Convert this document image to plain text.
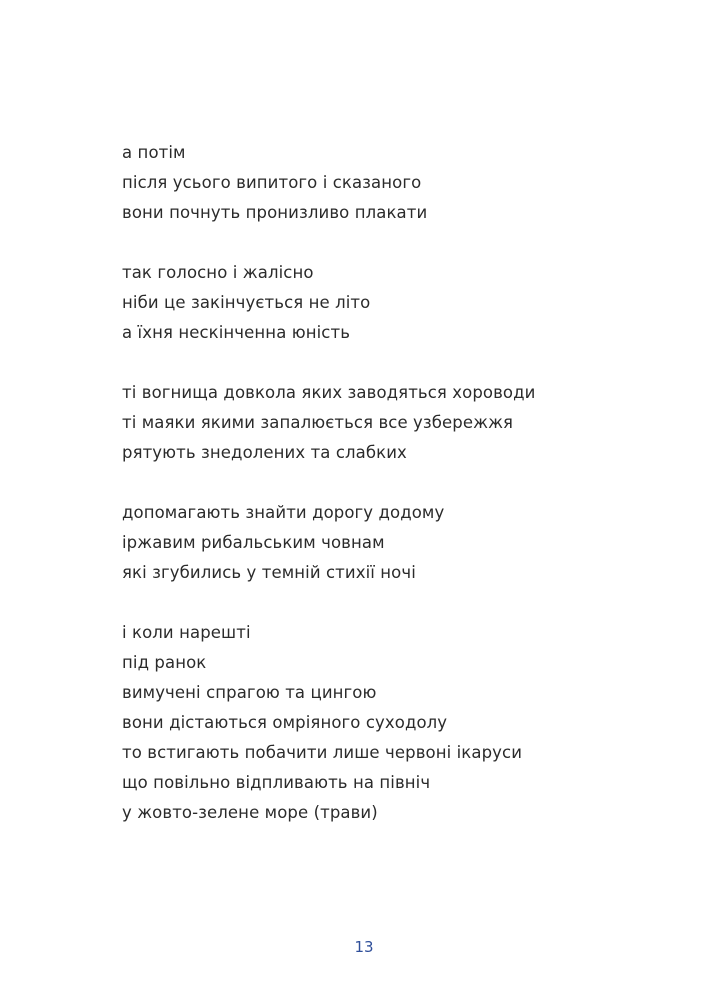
а потім
після усього випитого і сказаного
вони почнуть пронизливо плакати
так голосно і жалісно
ніби це закінчується не літо
а їхня нескінченна юність
ті вогнища довкола яких заводяться хороводи
ті маяки якими запалюється все узбережжя
рятують знедолених та слабких
допомагають знайти дорогу додому
іржавим рибальським човнам
які згубились у темній стихії ночі
і коли нарешті
під ранок
вимучені спрагою та цингою
вони дістаються омріяного суходолу
то встигають побачити лише червоні ікаруси
що повільно відпливають на північ
у жовто-зелене море (трави)
13
